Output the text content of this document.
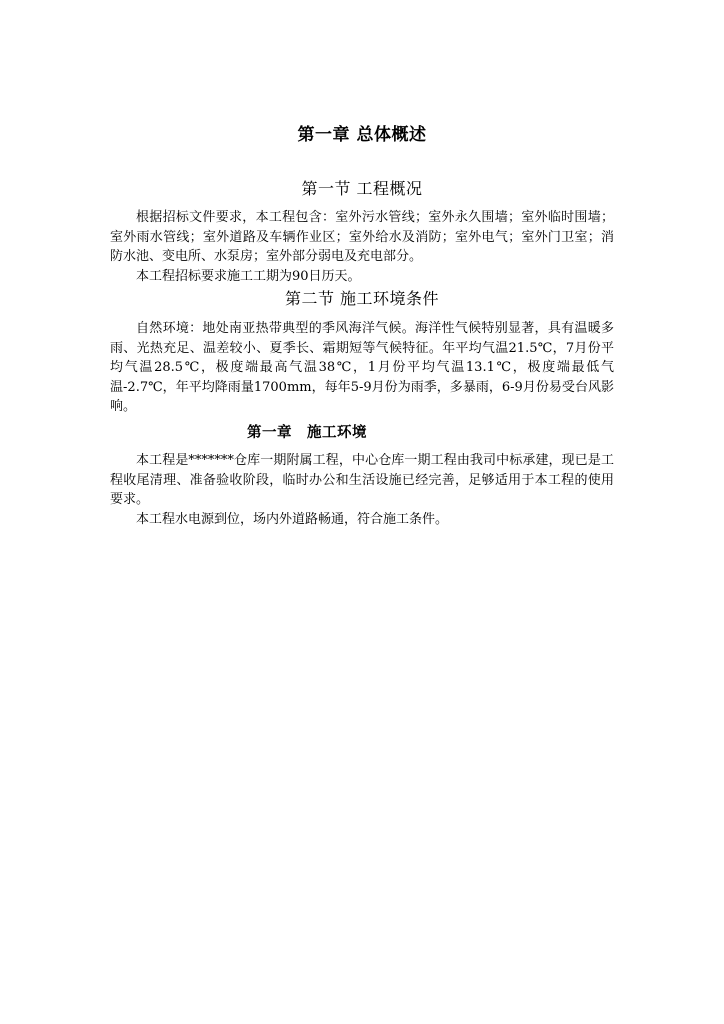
第一章 总体概述
第一节 工程概况

根据招标文件要求，本工程包含：室外污水管线；室外永久围墙；室外临时围墙；室外雨水管线；室外道路及车辆作业区；室外给水及消防；室外电气；室外门卫室；消防水池、变电所、水泵房；室外部分弱电及充电部分。

本工程招标要求施工工期为90日历天。

第二节 施工环境条件

自然环境：地处南亚热带典型的季风海洋气候。海洋性气候特别显著，具有温暖多雨、光热充足、温差较小、夏季长、霜期短等气候特征。年平均气温21.5℃，7月份平均气温28.5℃，极度端最高气温38℃，1月份平均气温13.1℃，极度端最低气温-2.7℃，年平均降雨量1700mm，每年5-9月份为雨季，多暴雨，6-9月份易受台风影响。

第一章　施工环境

本工程是*******仓库一期附属工程，中心仓库一期工程由我司中标承建，现已是工程收尾清理、准备验收阶段，临时办公和生活设施已经完善，足够适用于本工程的使用要求。

本工程水电源到位，场内外道路畅通，符合施工条件。
